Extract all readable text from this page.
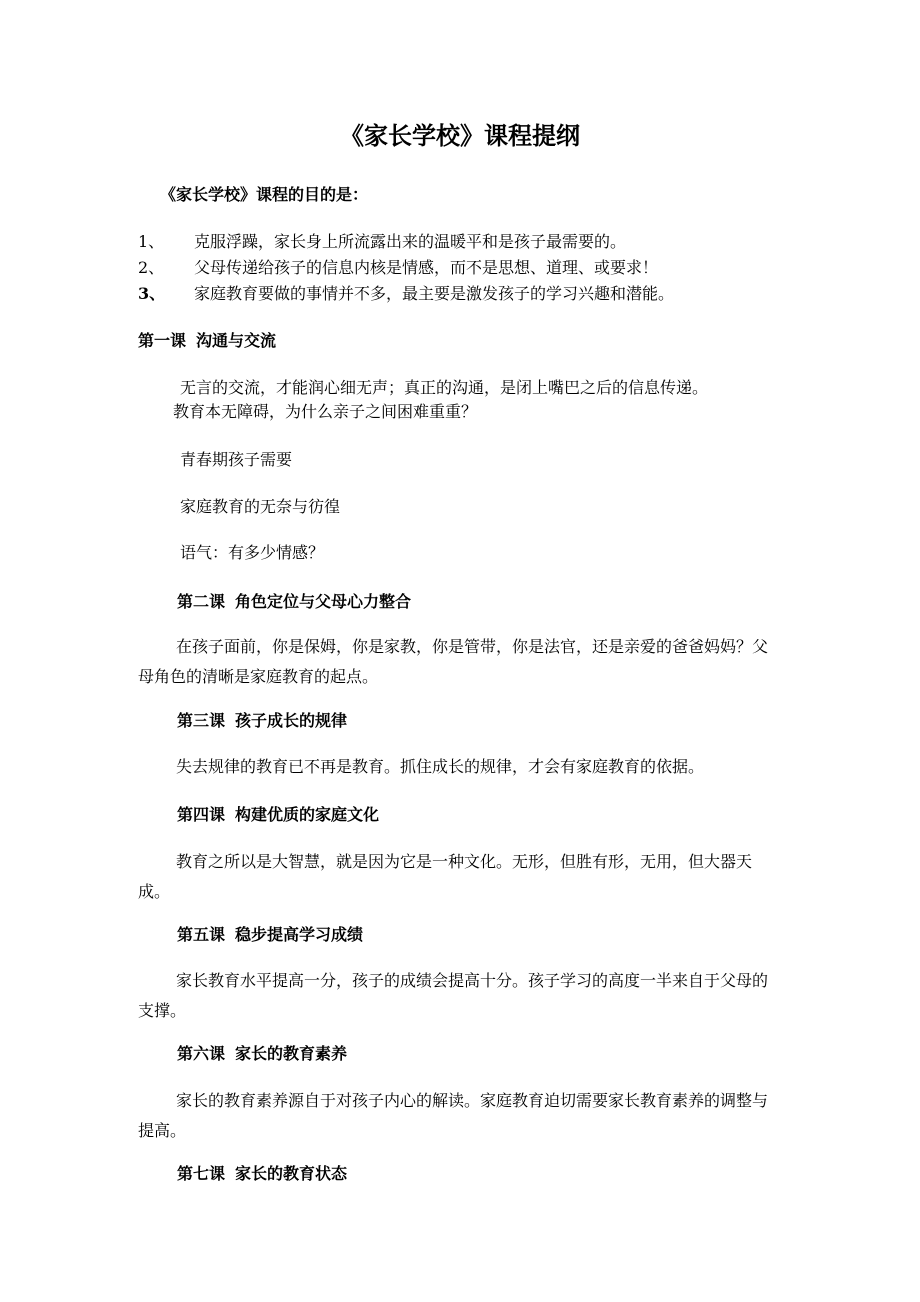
《家长学校》课程提纲
《家长学校》课程的目的是：
1、 克服浮躁，家长身上所流露出来的温暖平和是孩子最需要的。
2、 父母传递给孩子的信息内核是情感，而不是思想、道理、或要求！
3、 家庭教育要做的事情并不多，最主要是激发孩子的学习兴趣和潜能。
第一课 沟通与交流
无言的交流，才能润心细无声；真正的沟通，是闭上嘴巴之后的信息传递。
教育本无障碍，为什么亲子之间困难重重？
青春期孩子需要
家庭教育的无奈与彷徨
语气：有多少情感？
第二课 角色定位与父母心力整合
在孩子面前，你是保姆，你是家教，你是管带，你是法官，还是亲爱的爸爸妈妈？父母角色的清晰是家庭教育的起点。
第三课 孩子成长的规律
失去规律的教育已不再是教育。抓住成长的规律，才会有家庭教育的依据。
第四课 构建优质的家庭文化
教育之所以是大智慧，就是因为它是一种文化。无形，但胜有形，无用，但大器天成。
第五课 稳步提高学习成绩
家长教育水平提高一分，孩子的成绩会提高十分。孩子学习的高度一半来自于父母的支撑。
第六课 家长的教育素养
家长的教育素养源自于对孩子内心的解读。家庭教育迫切需要家长教育素养的调整与提高。
第七课 家长的教育状态
